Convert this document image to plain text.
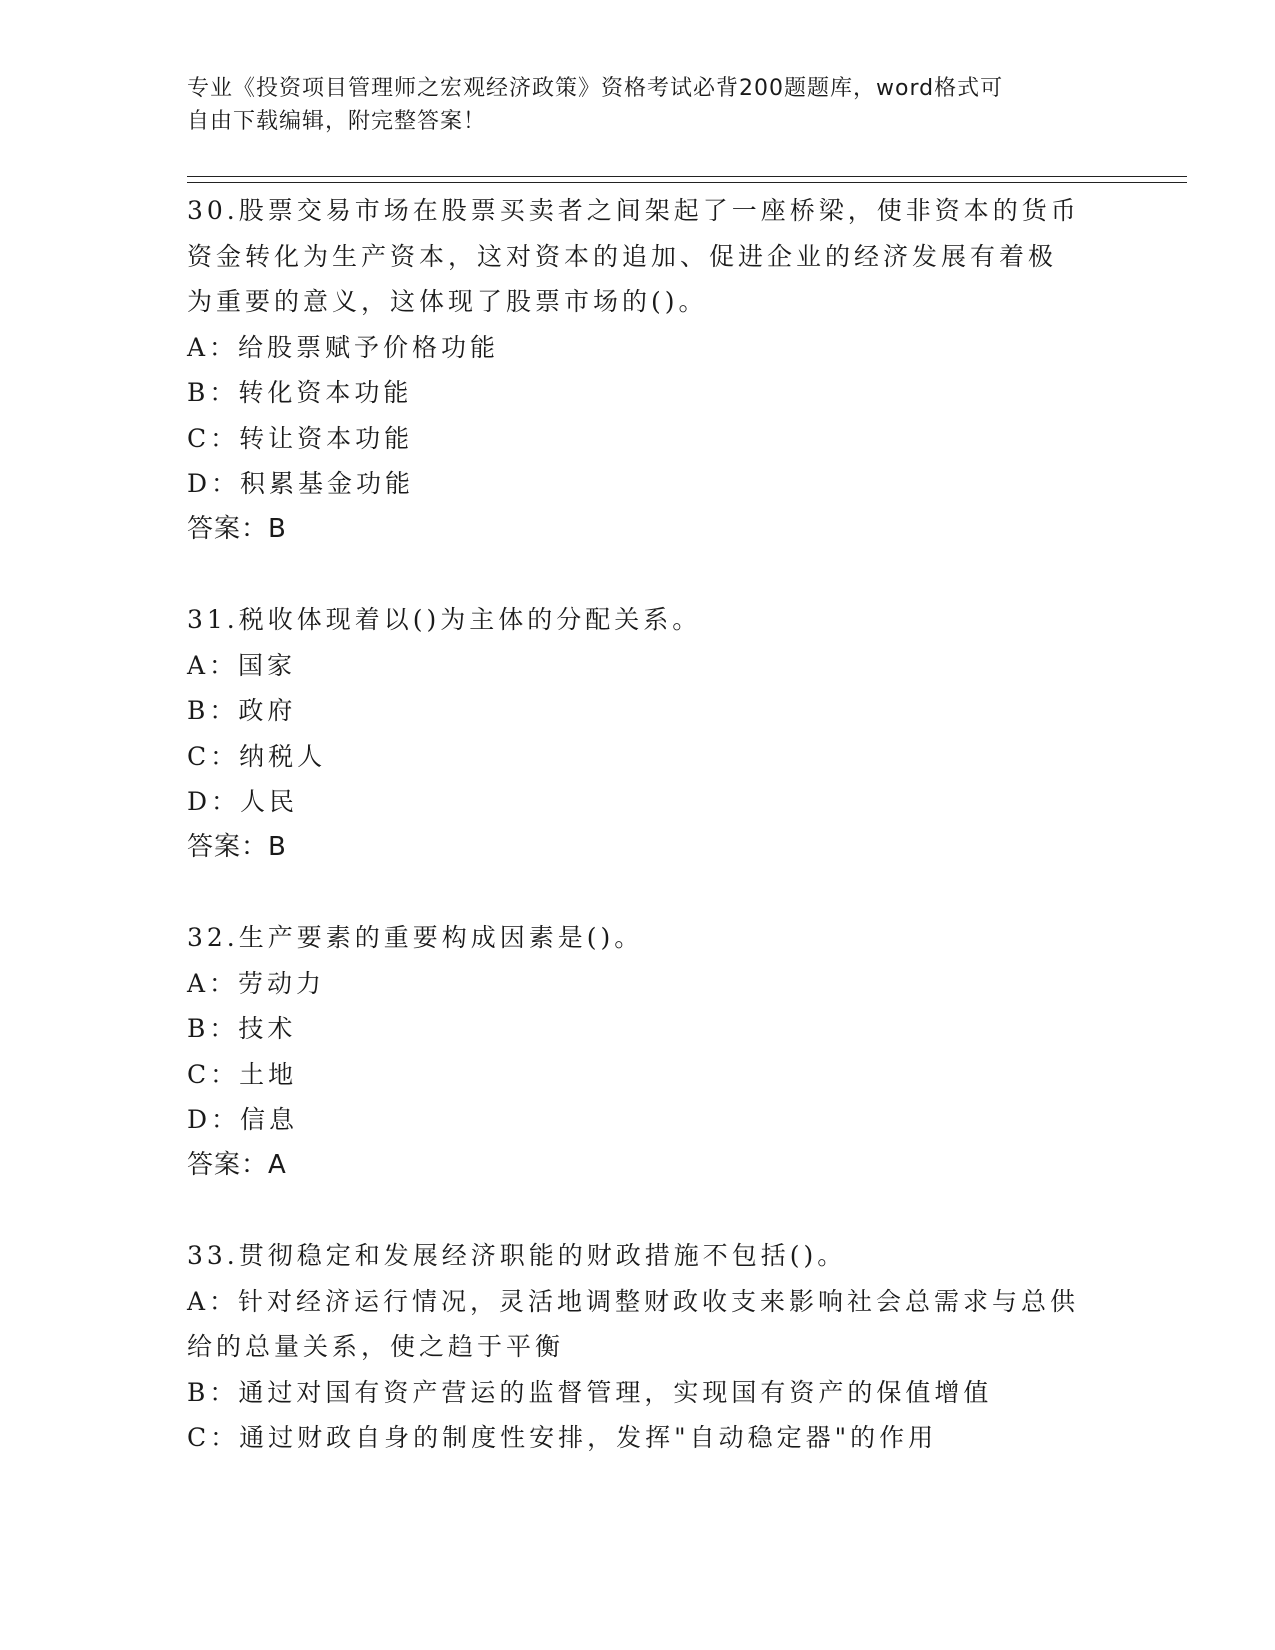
专业《投资项目管理师之宏观经济政策》资格考试必背200题题库，word格式可
自由下载编辑，附完整答案！
30.股票交易市场在股票买卖者之间架起了一座桥梁，使非资本的货币
资金转化为生产资本，这对资本的追加、促进企业的经济发展有着极
为重要的意义，这体现了股票市场的()。
A：给股票赋予价格功能
B：转化资本功能
C：转让资本功能
D：积累基金功能
答案：B
31.税收体现着以()为主体的分配关系。
A：国家
B：政府
C：纳税人
D：人民
答案：B
32.生产要素的重要构成因素是()。
A：劳动力
B：技术
C：土地
D：信息
答案：A
33.贯彻稳定和发展经济职能的财政措施不包括()。
A：针对经济运行情况，灵活地调整财政收支来影响社会总需求与总供
给的总量关系，使之趋于平衡
B：通过对国有资产营运的监督管理，实现国有资产的保值增值
C：通过财政自身的制度性安排，发挥"自动稳定器"的作用
